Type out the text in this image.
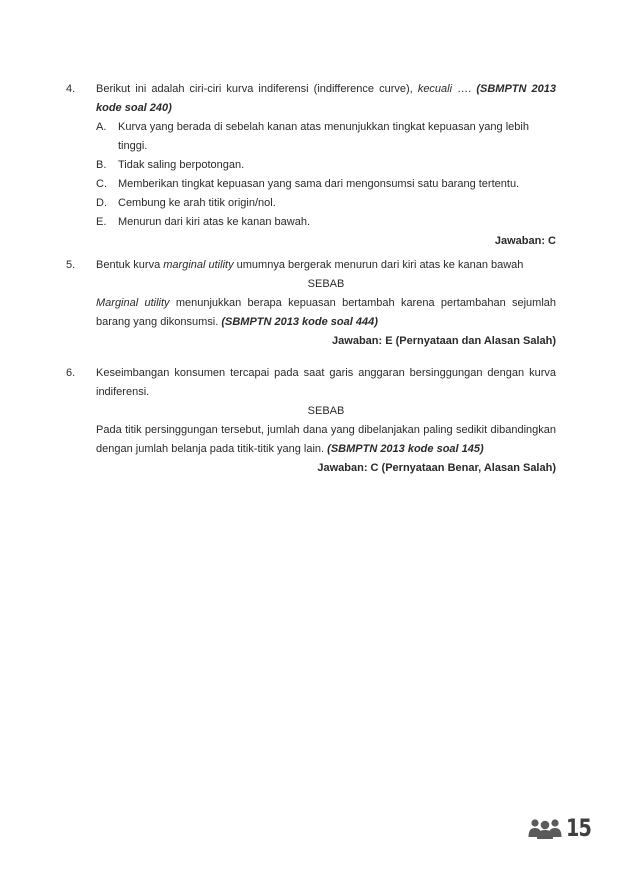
4.	Berikut ini adalah ciri-ciri kurva indiferensi (indifference curve), kecuali …. (SBMPTN 2013 kode soal 240)
A. Kurva yang berada di sebelah kanan atas menunjukkan tingkat kepuasan yang lebih tinggi.
B. Tidak saling berpotongan.
C. Memberikan tingkat kepuasan yang sama dari mengonsumsi satu barang tertentu.
D. Cembung ke arah titik origin/nol.
E. Menurun dari kiri atas ke kanan bawah.
Jawaban: C
5.	Bentuk kurva marginal utility umumnya bergerak menurun dari kiri atas ke kanan bawah
SEBAB
Marginal utility menunjukkan berapa kepuasan bertambah karena pertambahan sejumlah barang yang dikonsumsi. (SBMPTN 2013 kode soal 444)
Jawaban: E (Pernyataan dan Alasan Salah)
6.	Keseimbangan konsumen tercapai pada saat garis anggaran bersinggungan dengan kurva indiferensi.
SEBAB
Pada titik persinggungan tersebut, jumlah dana yang dibelanjakan paling sedikit dibandingkan dengan jumlah belanja pada titik-titik yang lain. (SBMPTN 2013 kode soal 145)
Jawaban: C (Pernyataan Benar, Alasan Salah)
15
